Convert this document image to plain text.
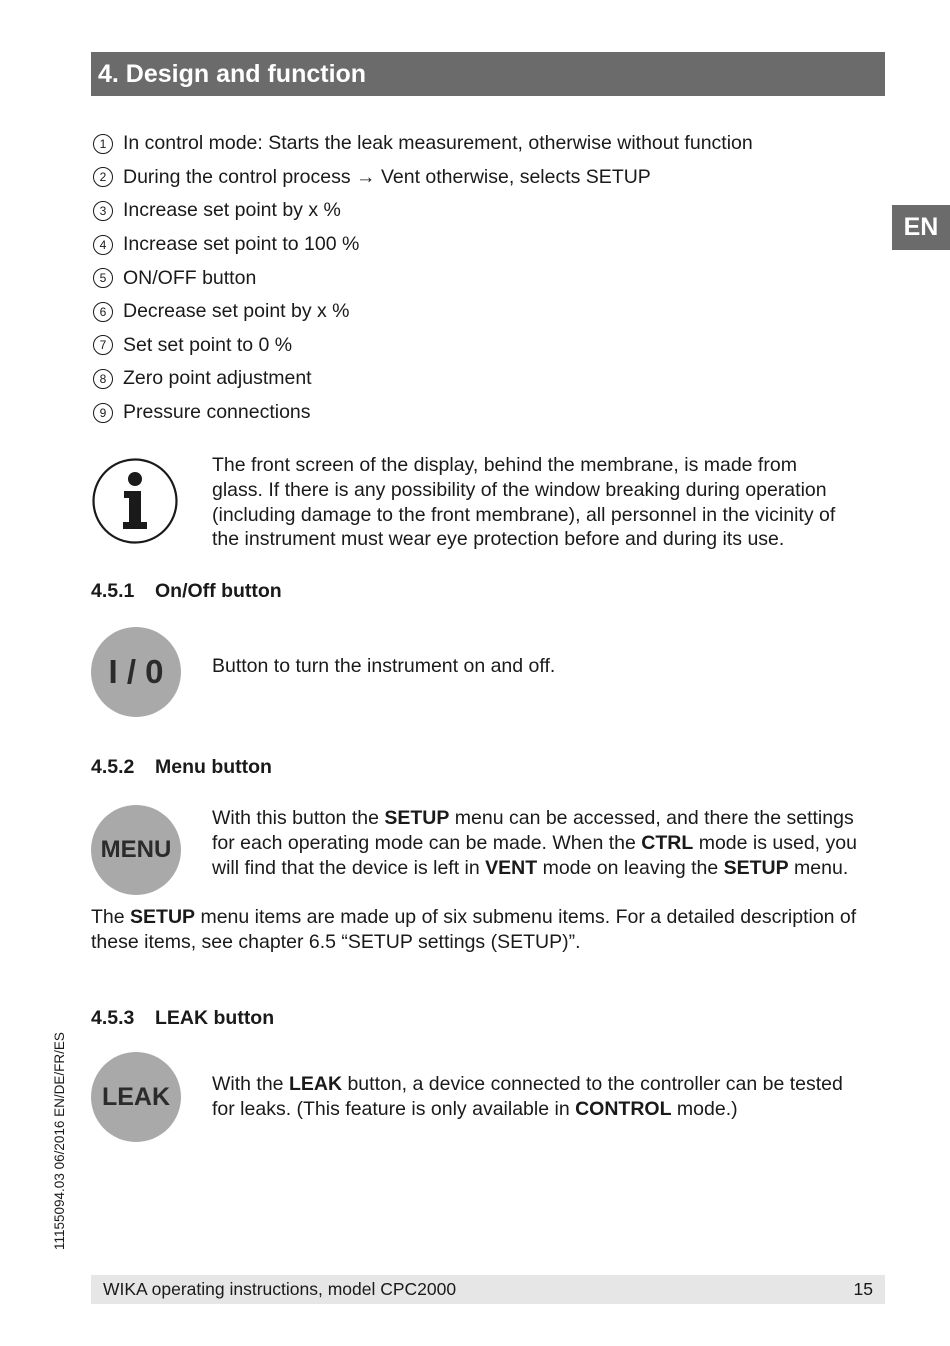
4. Design and function
EN
1 In control mode: Starts the leak measurement, otherwise without function
2 During the control process → Vent otherwise, selects SETUP
3 Increase set point by x %
4 Increase set point to 100 %
5 ON/OFF button
6 Decrease set point by x %
7 Set set point to 0 %
8 Zero point adjustment
9 Pressure connections
The front screen of the display, behind the membrane, is made from
glass. If there is any possibility of the window breaking during operation
(including damage to the front membrane), all personnel in the vicinity of
the instrument must wear eye protection before and during its use.
4.5.1 On/Off button
I / 0 Button to turn the instrument on and off.
4.5.2 Menu button
MENU
With this button the SETUP menu can be accessed, and there the settings
for each operating mode can be made. When the CTRL mode is used, you
will find that the device is left in VENT mode on leaving the SETUP menu.
The SETUP menu items are made up of six submenu items. For a detailed description of
these items, see chapter 6.5 “SETUP settings (SETUP)”.
4.5.3 LEAK button
LEAK With the LEAK button, a device connected to the controller can be tested
for leaks. (This feature is only available in CONTROL mode.)
11155094.03 06/2016 EN/DE/FR/ES
WIKA operating instructions, model CPC2000	15
